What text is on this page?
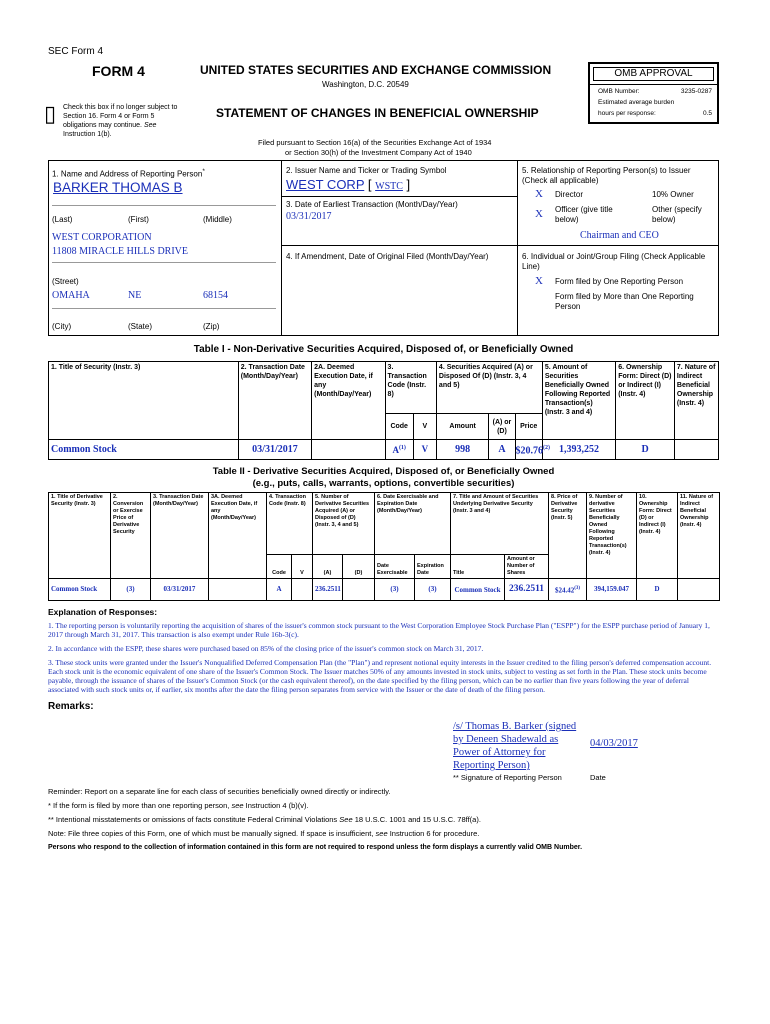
SEC Form 4
FORM 4	UNITED STATES SECURITIES AND EXCHANGE COMMISSION
Washington, D.C. 20549
▯ Check this box if no longer subject to Section 16. Form 4 or Form 5 obligations may continue. See Instruction 1(b).
STATEMENT OF CHANGES IN BENEFICIAL OWNERSHIP
Filed pursuant to Section 16(a) of the Securities Exchange Act of 1934
or Section 30(h) of the Investment Company Act of 1940
OMB APPROVAL
OMB Number:	3235-0287
Estimated average burden
hours per response:	0.5
1. Name and Address of Reporting Person*
BARKER THOMAS B
(Last)	(First)	(Middle)
WEST CORPORATION
11808 MIRACLE HILLS DRIVE
(Street)
OMAHA	NE	68154
(City)	(State)	(Zip)
2. Issuer Name and Ticker or Trading Symbol
WEST CORP [ WSTC ]
3. Date of Earliest Transaction (Month/Day/Year)
03/31/2017
4. If Amendment, Date of Original Filed (Month/Day/Year)
5. Relationship of Reporting Person(s) to Issuer (Check all applicable)
X Director	10% Owner
X Officer (give title below)
Other (specify below)
Chairman and CEO
6. Individual or Joint/Group Filing (Check Applicable Line)
X Form filed by One Reporting Person
Form filed by More than One Reporting Person
Table I - Non-Derivative Securities Acquired, Disposed of, or Beneficially Owned
1. Title of Security (Instr. 3)	2. Transaction Date (Month/Day/Year)	2A. Deemed Execution Date, if any (Month/Day/Year)	3. Transaction Code (Instr. 8)		4. Securities Acquired (A) or Disposed Of (D) (Instr. 3, 4 and 5)			5. Amount of Securities Beneficially Owned Following Reported Transaction(s) (Instr. 3 and 4)	6. Ownership Form: Direct (D) or Indirect (I) (Instr. 4)	7. Nature of Indirect Beneficial Ownership (Instr. 4)
			Code	V	Amount	(A) or (D)	Price			
Common Stock	03/31/2017		$A^{(1)}$	V	998	A	$20.76$^{(2)}$	1,393,252	D	
Table II - Derivative Securities Acquired, Disposed of, or Beneficially Owned
(e.g., puts, calls, warrants, options, convertible securities)
1. Title of Derivative Security (Instr. 3)	2. Conversion or Exercise Price of Derivative Security	3. Transaction Date (Month/Day/Year)	3A. Deemed Execution Date, if any (Month/Day/Year)	4. Transaction Code (Instr. 8)		5. Number of Derivative Securities Acquired (A) or Disposed of (D) (Instr. 3, 4 and 5)		6. Date Exercisable and Expiration Date (Month/Day/Year)		7. Title and Amount of Securities Underlying Derivative Security (Instr. 3 and 4)		8. Price of Derivative Security (Instr. 5)	9. Number of derivative Securities Beneficially Owned Following Reported Transaction(s) (Instr. 4)	10. Ownership Form: Direct (D) or Indirect (I) (Instr. 4)	11. Nature of Indirect Beneficial Ownership (Instr. 4)
				Code	V	(A)	(D)	Date Exercisable	Expiration Date	Title	Amount or Number of Shares				
Common Stock	(3)	03/31/2017		A		236.2511		(3)	(3)	Common Stock	236.2511	$24.42$^{(3)}$	394,159.047	D	
Explanation of Responses:
1. The reporting person is voluntarily reporting the acquisition of shares of the issuer's common stock pursuant to the West Corporation Employee Stock Purchase Plan ("ESPP") for the ESPP purchase period of January 1, 2017 through March 31, 2017. This transaction is also exempt under Rule 16b-3(c).
2. In accordance with the ESPP, these shares were purchased based on 85% of the closing price of the issuer's common stock on March 31, 2017.
3. These stock units were granted under the Issuer's Nonqualified Deferred Compensation Plan (the "Plan") and represent notional equity interests in the Issuer credited to the filing person's deferred compensation account. Each stock unit is the economic equivalent of one share of the Issuer's Common Stock. The Issuer matches 50% of any amounts invested in stock units, subject to vesting as set forth in the Plan. These stock units become payable, through the issuance of shares of the Issuer's Common Stock (or the cash equivalent thereof), on the date specified by the filing person, which can be no earlier than five years following the year of deferral associated with such stock units or, if earlier, six months after the date the filing person separates from service with the Issuer or the date of death of the filing person.
Remarks:
/s/ Thomas B. Barker (signed by Deneen Shadewald as Power of Attorney for Reporting Person)
04/03/2017
** Signature of Reporting Person	Date
Reminder: Report on a separate line for each class of securities beneficially owned directly or indirectly.
* If the form is filed by more than one reporting person, see Instruction 4 (b)(v).
** Intentional misstatements or omissions of facts constitute Federal Criminal Violations See 18 U.S.C. 1001 and 15 U.S.C. 78ff(a).
Note: File three copies of this Form, one of which must be manually signed. If space is insufficient, see Instruction 6 for procedure.
Persons who respond to the collection of information contained in this form are not required to respond unless the form displays a currently valid OMB Number.
